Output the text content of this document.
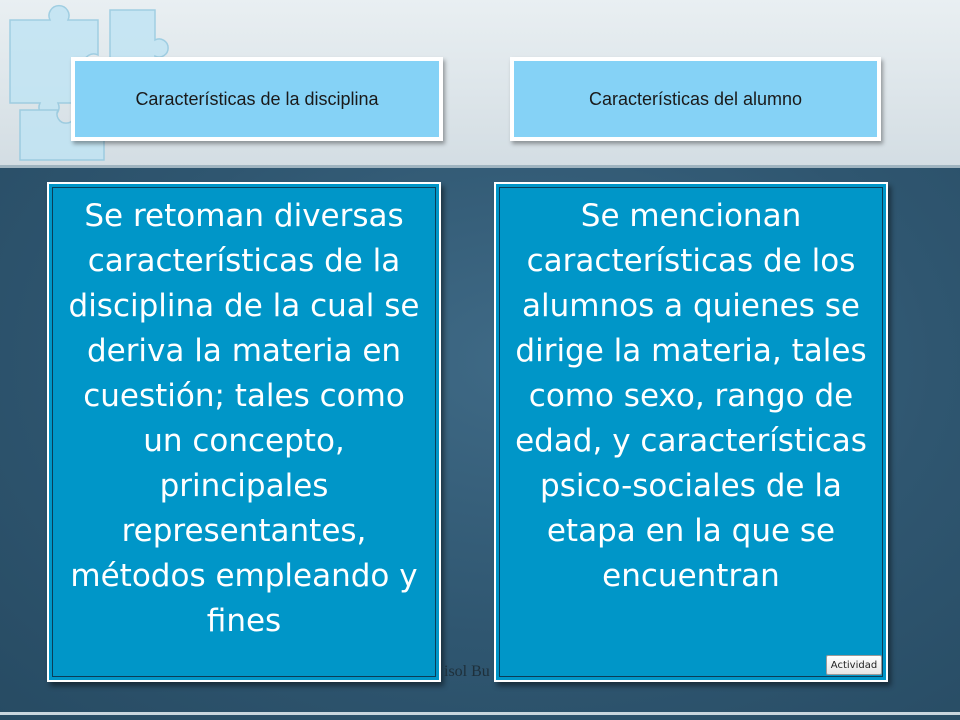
Características de la disciplina	Características del alumno

Se retoman diversas características de la disciplina de la cual se deriva la materia en cuestión; tales como un concepto, principales representantes, métodos empleando y fines

isol Bu

Se mencionan características de los alumnos a quienes se dirige la materia, tales como sexo, rango de edad, y características psico-sociales de la etapa en la que se encuentran

Actividad
